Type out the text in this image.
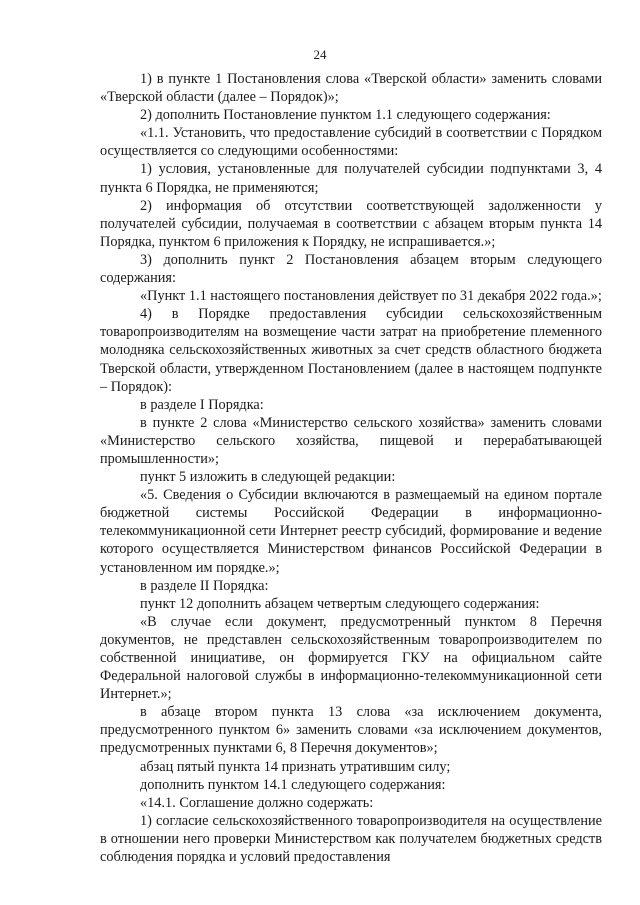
24

1) в пункте 1 Постановления слова «Тверской области» заменить словами «Тверской области (далее – Порядок)»;

2) дополнить Постановление пунктом 1.1 следующего содержания:

«1.1. Установить, что предоставление субсидий в соответствии с Порядком осуществляется со следующими особенностями:

1) условия, установленные для получателей субсидии подпунктами 3, 4 пункта 6 Порядка, не применяются;

2) информация об отсутствии соответствующей задолженности у получателей субсидии, получаемая в соответствии с абзацем вторым пункта 14 Порядка, пунктом 6 приложения к Порядку, не испрашивается.»;

3) дополнить пункт 2 Постановления абзацем вторым следующего содержания:

«Пункт 1.1 настоящего постановления действует по 31 декабря 2022 года.»;

4) в Порядке предоставления субсидии сельскохозяйственным товаропроизводителям на возмещение части затрат на приобретение племенного молодняка сельскохозяйственных животных за счет средств областного бюджета Тверской области, утвержденном Постановлением (далее в настоящем подпункте – Порядок):

в разделе I Порядка:

в пункте 2 слова «Министерство сельского хозяйства» заменить словами «Министерство сельского хозяйства, пищевой и перерабатывающей промышленности»;

пункт 5 изложить в следующей редакции:

«5. Сведения о Субсидии включаются в размещаемый на едином портале бюджетной системы Российской Федерации в информационно-телекоммуникационной сети Интернет реестр субсидий, формирование и ведение которого осуществляется Министерством финансов Российской Федерации в установленном им порядке.»;

в разделе II Порядка:

пункт 12 дополнить абзацем четвертым следующего содержания:

«В случае если документ, предусмотренный пунктом 8 Перечня документов, не представлен сельскохозяйственным товаропроизводителем по собственной инициативе, он формируется ГКУ на официальном сайте Федеральной налоговой службы в информационно-телекоммуникационной сети Интернет.»;

в абзаце втором пункта 13 слова «за исключением документа, предусмотренного пунктом 6» заменить словами «за исключением документов, предусмотренных пунктами 6, 8 Перечня документов»;

абзац пятый пункта 14 признать утратившим силу;

дополнить пунктом 14.1 следующего содержания:

«14.1. Соглашение должно содержать:

1) согласие сельскохозяйственного товаропроизводителя на осуществление в отношении него проверки Министерством как получателем бюджетных средств соблюдения порядка и условий предоставления
